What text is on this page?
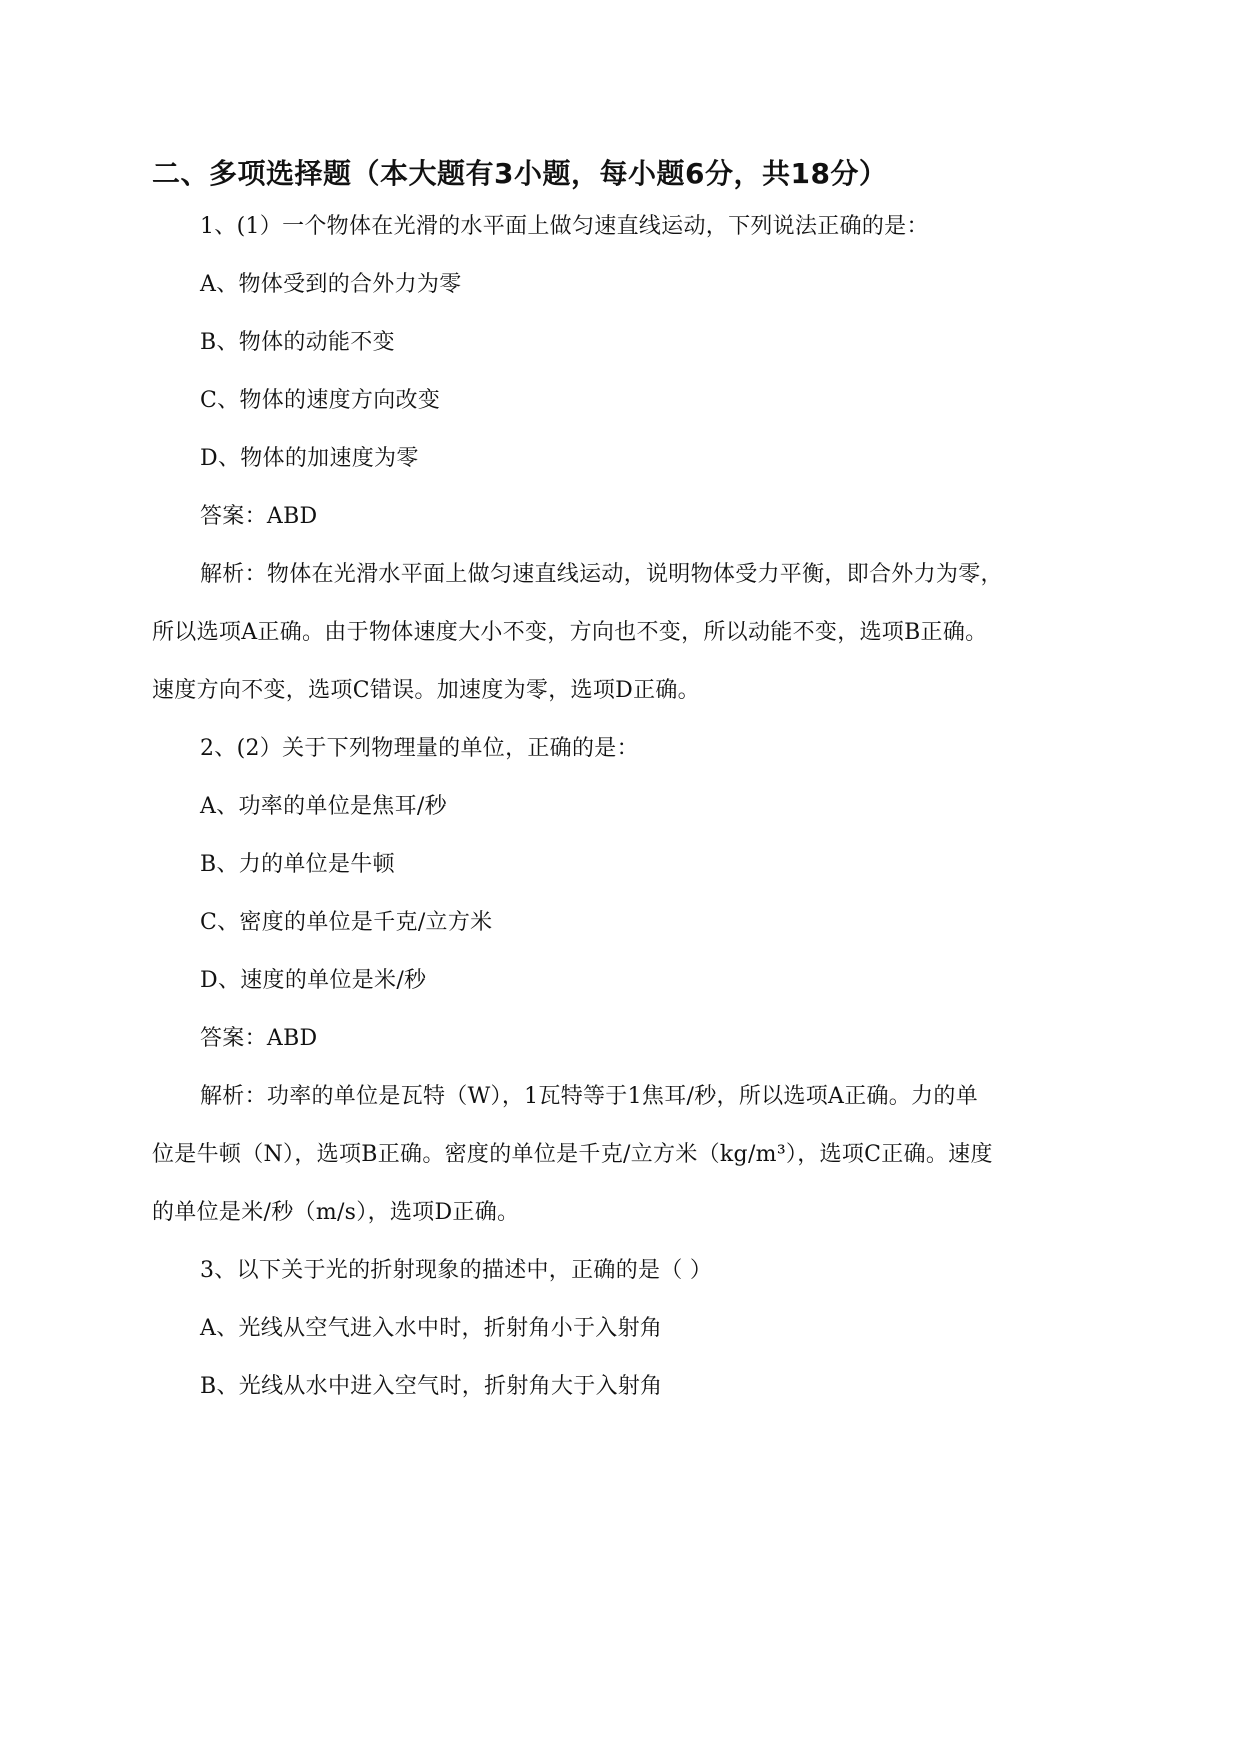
二、多项选择题（本大题有3小题，每小题6分，共18分）
1、(1）一个物体在光滑的水平面上做匀速直线运动，下列说法正确的是：
A、物体受到的合外力为零
B、物体的动能不变
C、物体的速度方向改变
D、物体的加速度为零
答案：ABD
解析：物体在光滑水平面上做匀速直线运动，说明物体受力平衡，即合外力为零，
所以选项A正确。由于物体速度大小不变，方向也不变，所以动能不变，选项B正确。
速度方向不变，选项C错误。加速度为零，选项D正确。
2、(2）关于下列物理量的单位，正确的是：
A、功率的单位是焦耳/秒
B、力的单位是牛顿
C、密度的单位是千克/立方米
D、速度的单位是米/秒
答案：ABD
解析：功率的单位是瓦特（W），1瓦特等于1焦耳/秒，所以选项A正确。力的单
位是牛顿（N），选项B正确。密度的单位是千克/立方米（kg/m³），选项C正确。速度
的单位是米/秒（m/s），选项D正确。
3、以下关于光的折射现象的描述中，正确的是（ ）
A、光线从空气进入水中时，折射角小于入射角
B、光线从水中进入空气时，折射角大于入射角
